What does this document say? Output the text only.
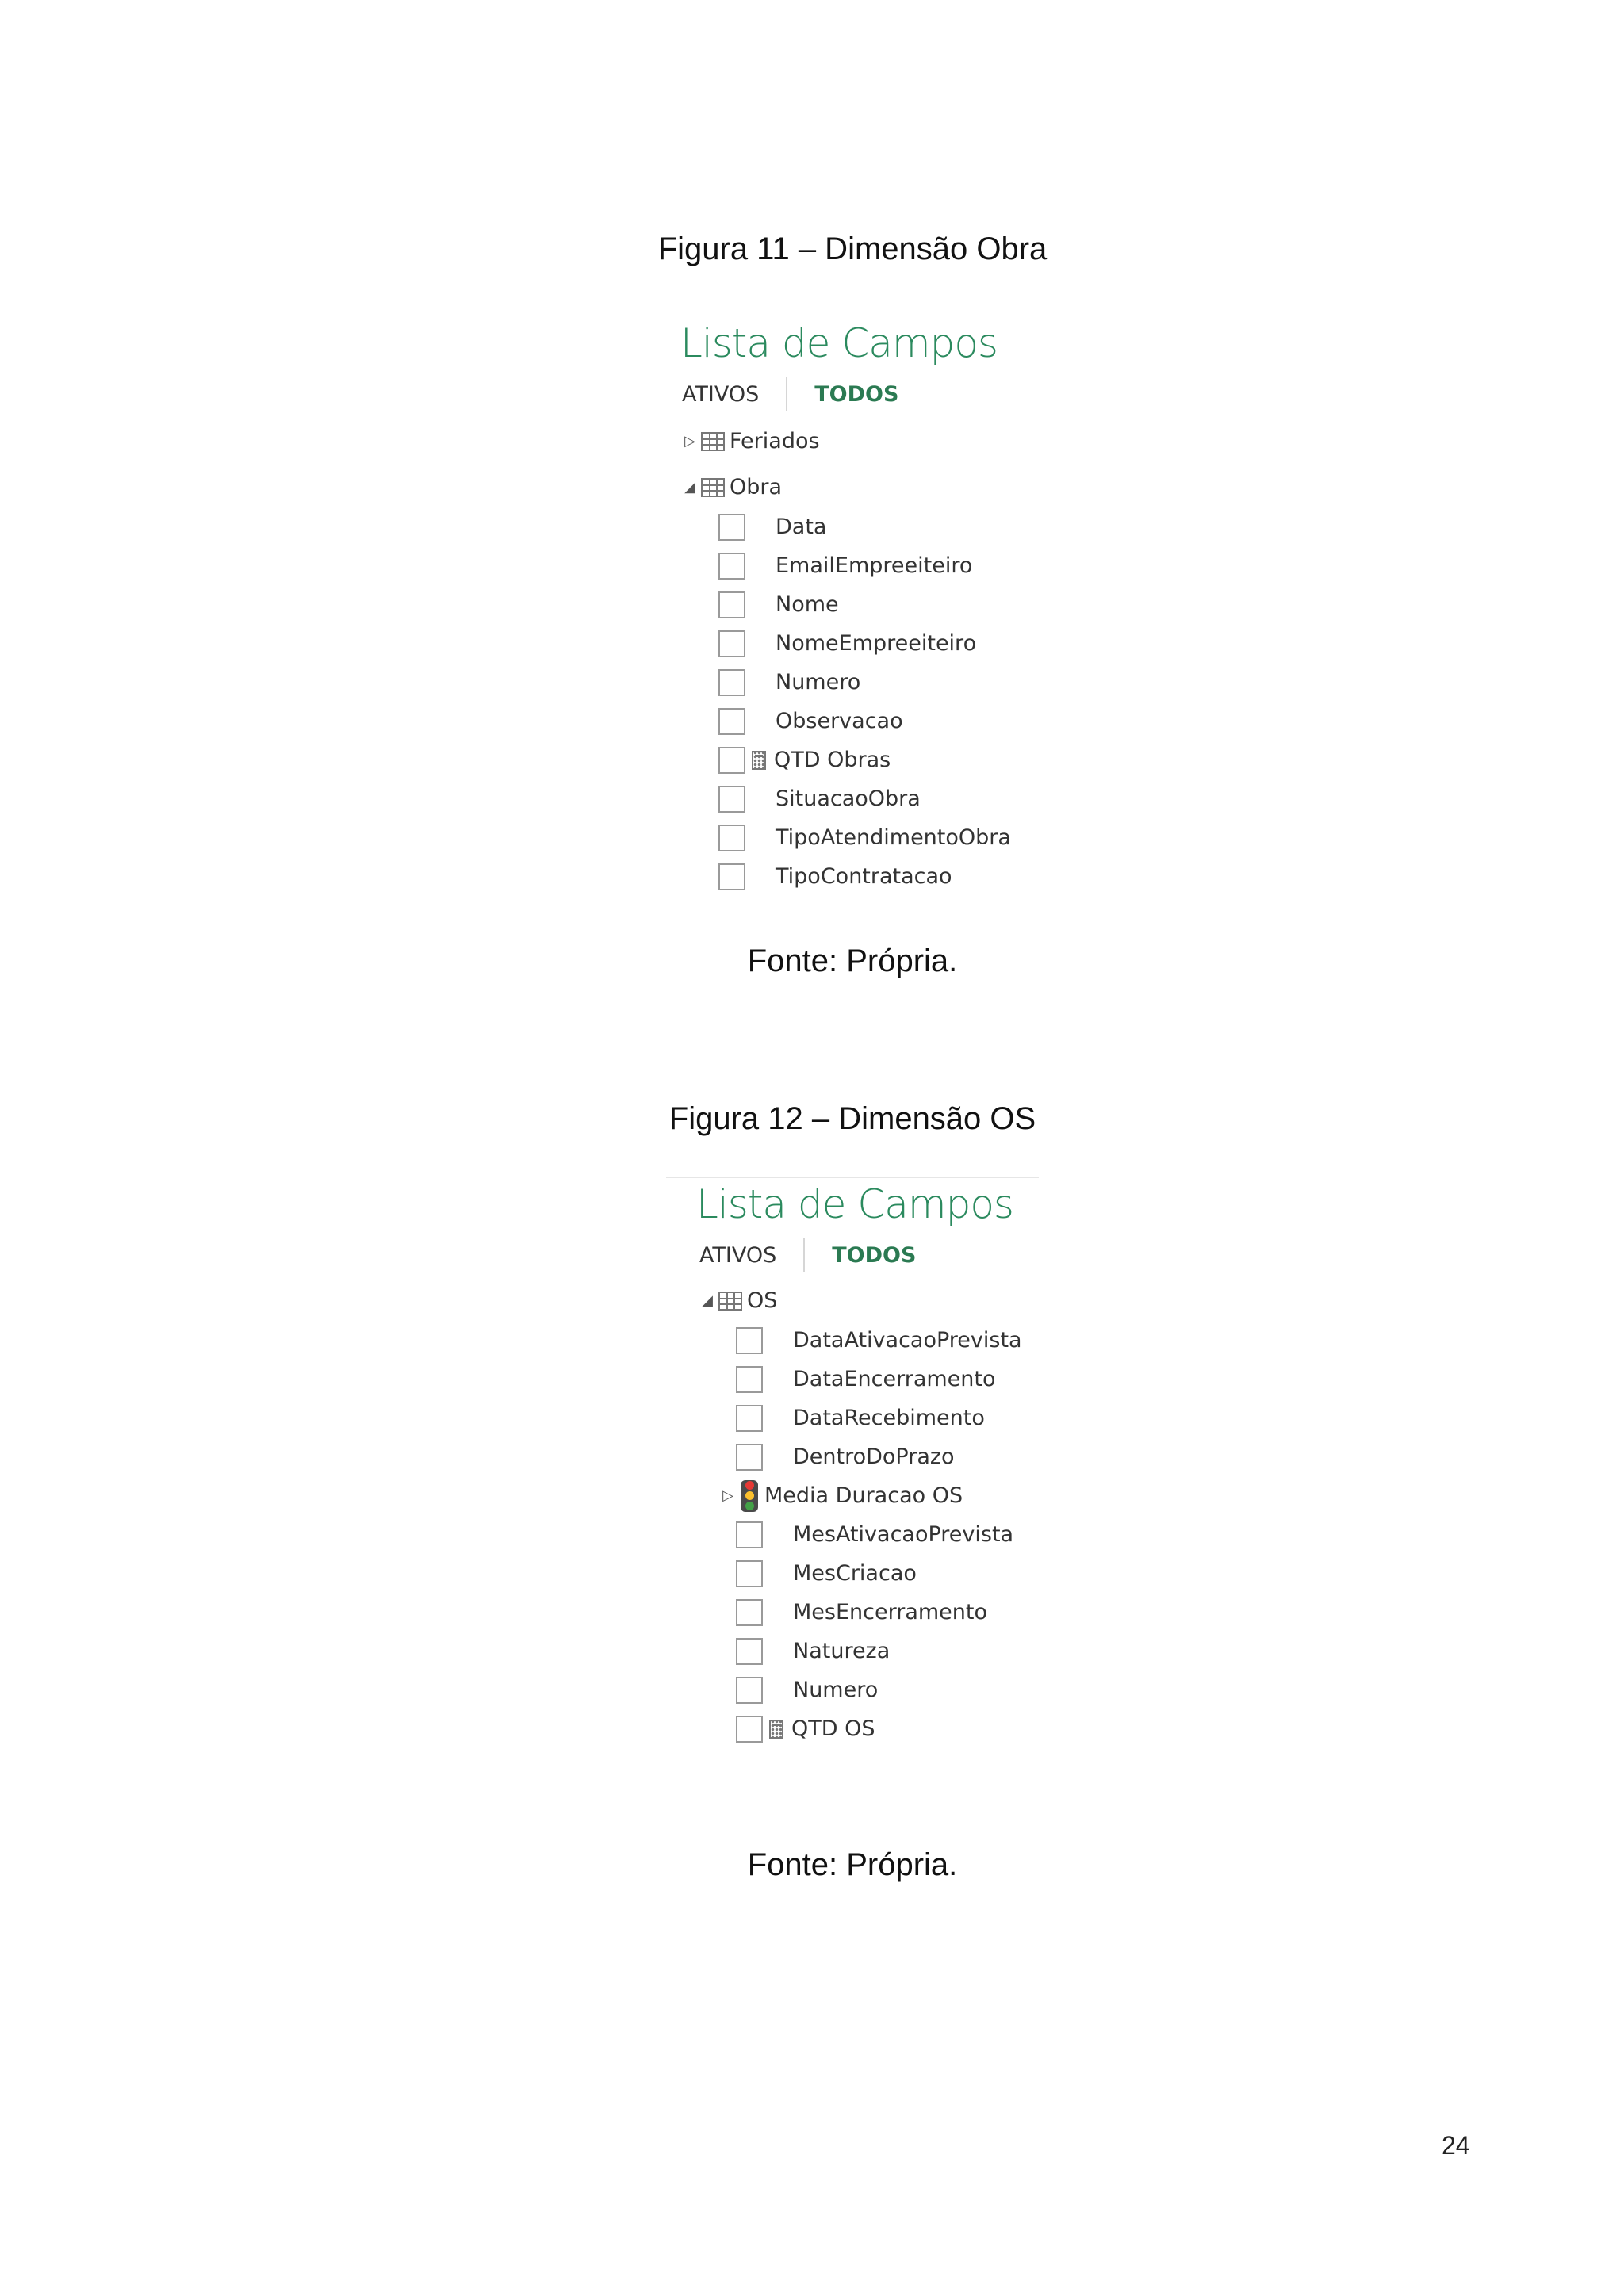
Figura 11 – Dimensão Obra
Lista de Campos
ATIVOS	TODOS
▷ Feriados
◢ Obra
Data
EmailEmpreeiteiro
Nome
NomeEmpreeiteiro
Numero
Observacao
QTD Obras
SituacaoObra
TipoAtendimentoObra
TipoContratacao
Fonte: Própria.
Figura 12 – Dimensão OS
Lista de Campos
ATIVOS	TODOS
◢ OS
DataAtivacaoPrevista
DataEncerramento
DataRecebimento
DentroDoPrazo
▷ Media Duracao OS
MesAtivacaoPrevista
MesCriacao
MesEncerramento
Natureza
Numero
QTD OS
Fonte: Própria.
24
